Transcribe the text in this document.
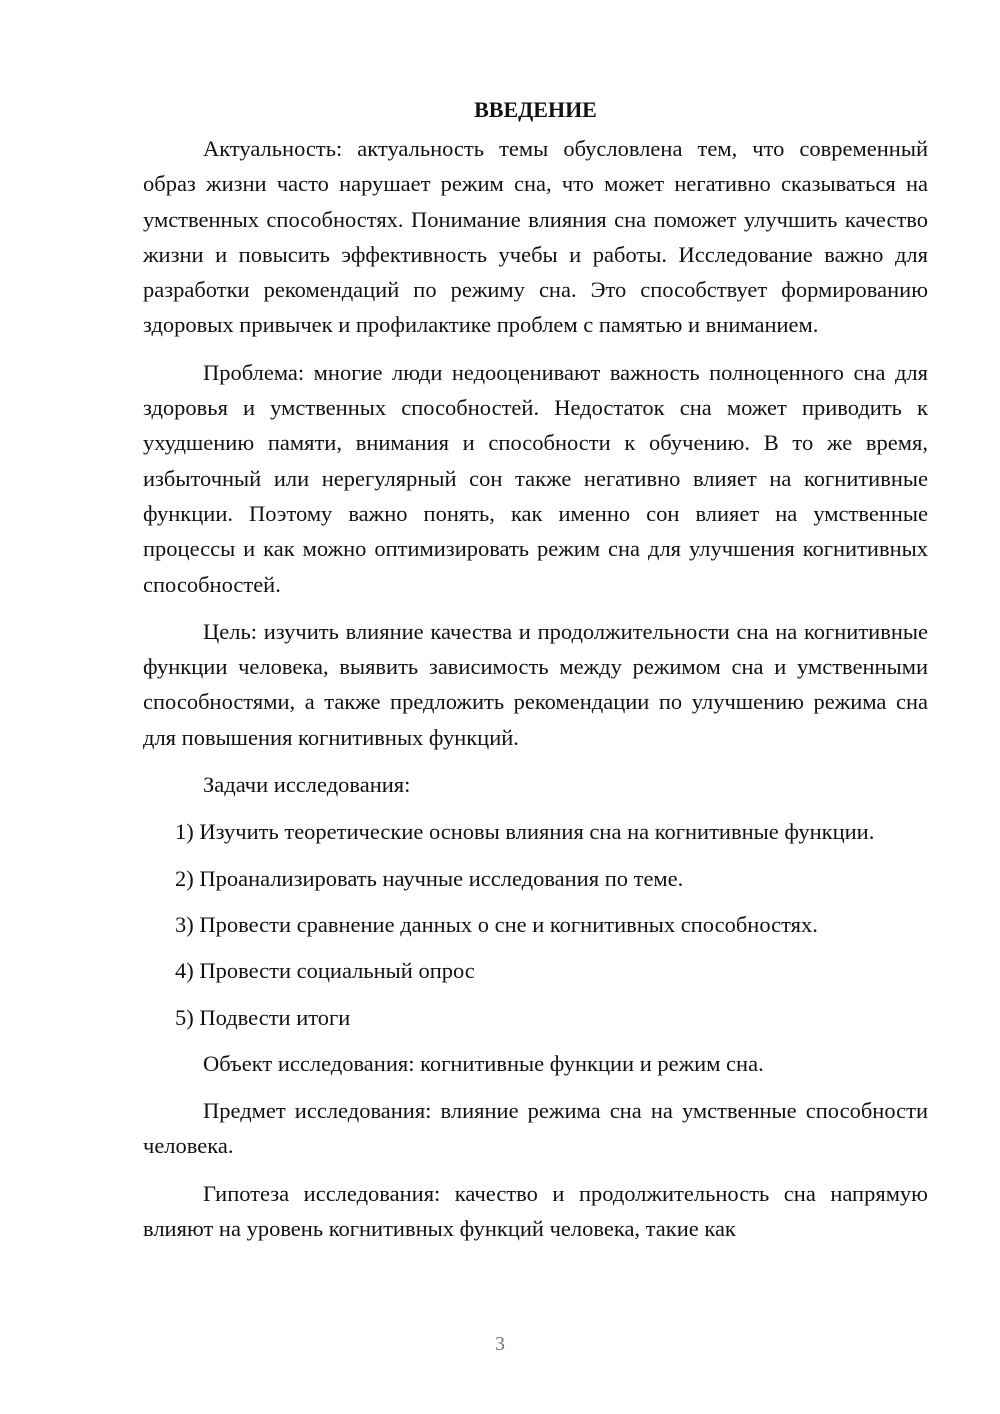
ВВЕДЕНИЕ

Актуальность: актуальность темы обусловлена тем, что современный образ жизни часто нарушает режим сна, что может негативно сказываться на умственных способностях. Понимание влияния сна поможет улучшить качество жизни и повысить эффективность учебы и работы. Исследование важно для разработки рекомендаций по режиму сна. Это способствует формированию здоровых привычек и профилактике проблем с памятью и вниманием.

Проблема: многие люди недооценивают важность полноценного сна для здоровья и умственных способностей. Недостаток сна может приводить к ухудшению памяти, внимания и способности к обучению. В то же время, избыточный или нерегулярный сон также негативно влияет на когнитивные функции. Поэтому важно понять, как именно сон влияет на умственные процессы и как можно оптимизировать режим сна для улучшения когнитивных способностей.

Цель: изучить влияние качества и продолжительности сна на когнитивные функции человека, выявить зависимость между режимом сна и умственными способностями, а также предложить рекомендации по улучшению режима сна для повышения когнитивных функций.

Задачи исследования:

1) Изучить теоретические основы влияния сна на когнитивные функции.

2) Проанализировать научные исследования по теме.

3) Провести сравнение данных о сне и когнитивных способностях.

4) Провести социальный опрос

5) Подвести итоги

Объект исследования: когнитивные функции и режим сна.

Предмет исследования: влияние режима сна на умственные способности человека.

Гипотеза исследования: качество и продолжительность сна напрямую влияют на уровень когнитивных функций человека, такие как

3
